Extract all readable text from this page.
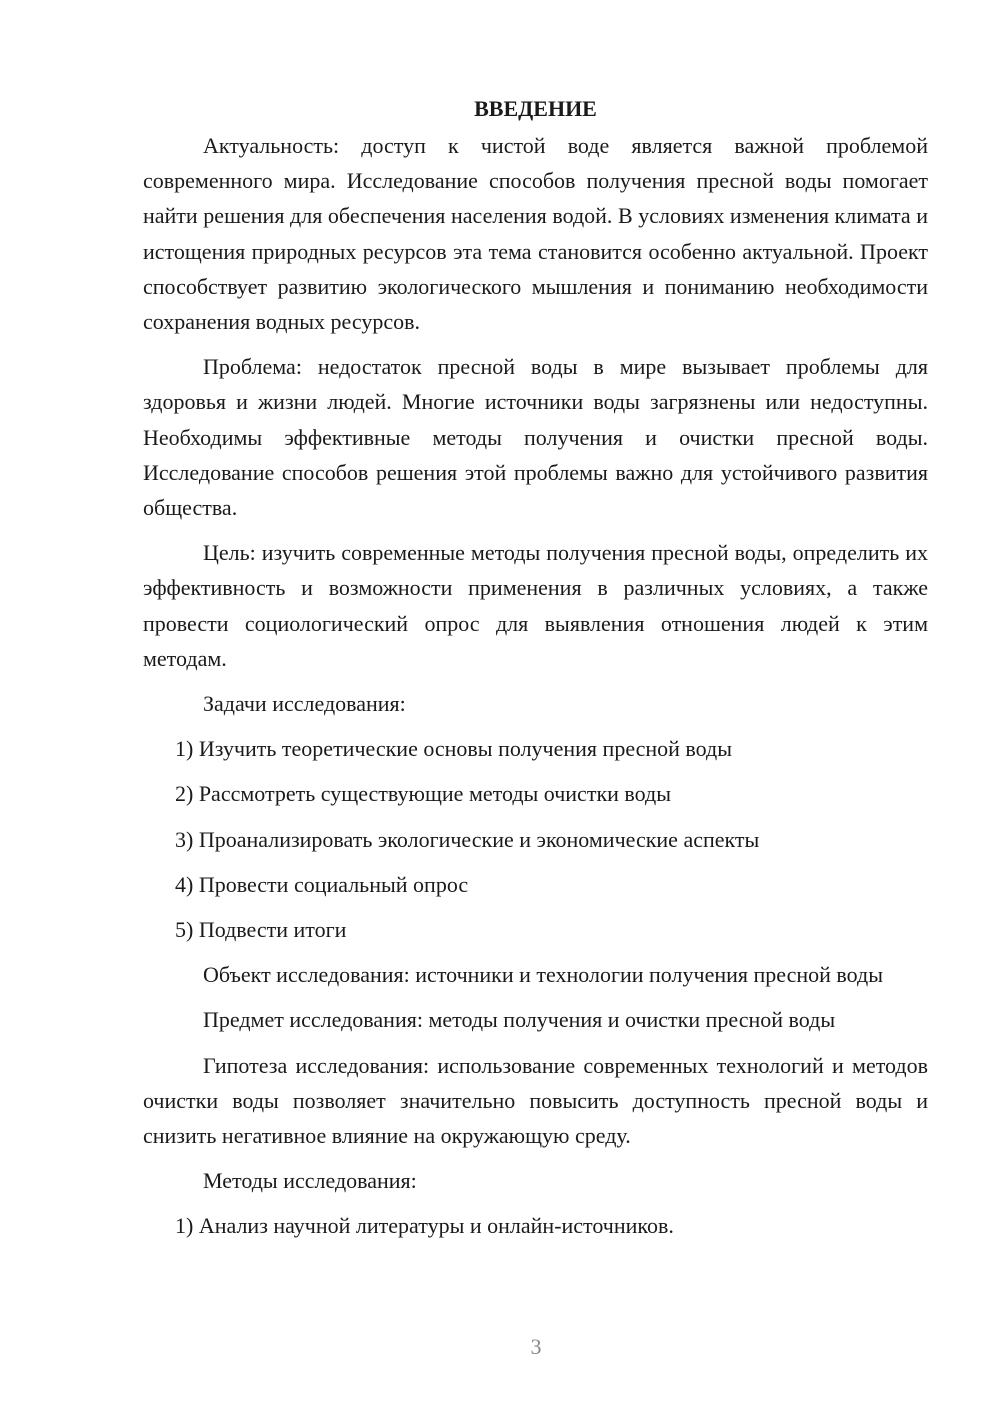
ВВЕДЕНИЕ

Актуальность: доступ к чистой воде является важной проблемой современного мира. Исследование способов получения пресной воды помогает найти решения для обеспечения населения водой. В условиях изменения климата и истощения природных ресурсов эта тема становится особенно актуальной. Проект способствует развитию экологического мышления и пониманию необходимости сохранения водных ресурсов.

Проблема: недостаток пресной воды в мире вызывает проблемы для здоровья и жизни людей. Многие источники воды загрязнены или недоступны. Необходимы эффективные методы получения и очистки пресной воды. Исследование способов решения этой проблемы важно для устойчивого развития общества.

Цель: изучить современные методы получения пресной воды, определить их эффективность и возможности применения в различных условиях, а также провести социологический опрос для выявления отношения людей к этим методам.

Задачи исследования:

1) Изучить теоретические основы получения пресной воды

2) Рассмотреть существующие методы очистки воды

3) Проанализировать экологические и экономические аспекты

4) Провести социальный опрос

5) Подвести итоги

Объект исследования: источники и технологии получения пресной воды

Предмет исследования: методы получения и очистки пресной воды

Гипотеза исследования: использование современных технологий и методов очистки воды позволяет значительно повысить доступность пресной воды и снизить негативное влияние на окружающую среду.

Методы исследования:

1) Анализ научной литературы и онлайн-источников.

3
